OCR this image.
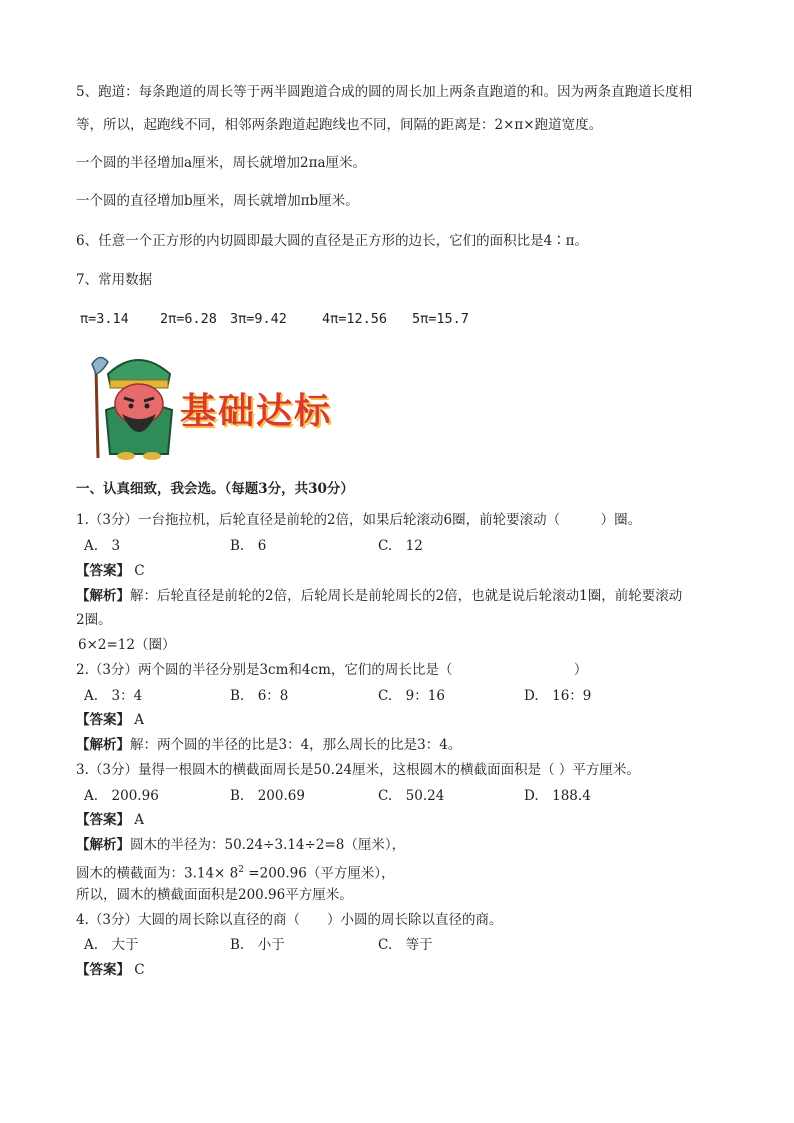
5、跑道：每条跑道的周长等于两半圆跑道合成的圆的周长加上两条直跑道的和。因为两条直跑道长度相
等，所以，起跑线不同，相邻两条跑道起跑线也不同，间隔的距离是：2×π×跑道宽度。
一个圆的半径增加a厘米，周长就增加2πa厘米。
一个圆的直径增加b厘米，周长就增加πb厘米。
6、任意一个正方形的内切圆即最大圆的直径是正方形的边长，它们的面积比是4∶π。
7、常用数据
π=3.14 2π=6.28 3π=9.42	4π=12.56 5π=15.7
基础达标
一、认真细致，我会选。（每题3分，共30分）
1.（3分）一台拖拉机，后轮直径是前轮的2倍，如果后轮滚动6圈，前轮要滚动（　　　）圈。
A.　3	B.　6	C.　12
【答案】 C
【解析】解：后轮直径是前轮的2倍，后轮周长是前轮周长的2倍，也就是说后轮滚动1圈，前轮要滚动
2圈。
6×2=12（圈）
2.（3分）两个圆的半径分别是3cm和4cm，它们的周长比是（　　　　　　　　　）
A.　3：4	B.　6：8	C.　9：16	D.　16：9
【答案】 A
【解析】解：两个圆的半径的比是3：4，那么周长的比是3：4。
3.（3分）量得一根圆木的横截面周长是50.24厘米，这根圆木的横截面面积是（ ）平方厘米。
A.　200.96	B.　200.69	C.　50.24	D.　188.4
【答案】 A
【解析】圆木的半径为：50.24÷3.14÷2=8（厘米），
圆木的横截面为：$3.14\times 8^2 =200.96$（平方厘米），
所以，圆木的横截面面积是200.96平方厘米。
4.（3分）大圆的周长除以直径的商（　　）小圆的周长除以直径的商。
A.　大于	B.　小于	C.　等于
【答案】 C
